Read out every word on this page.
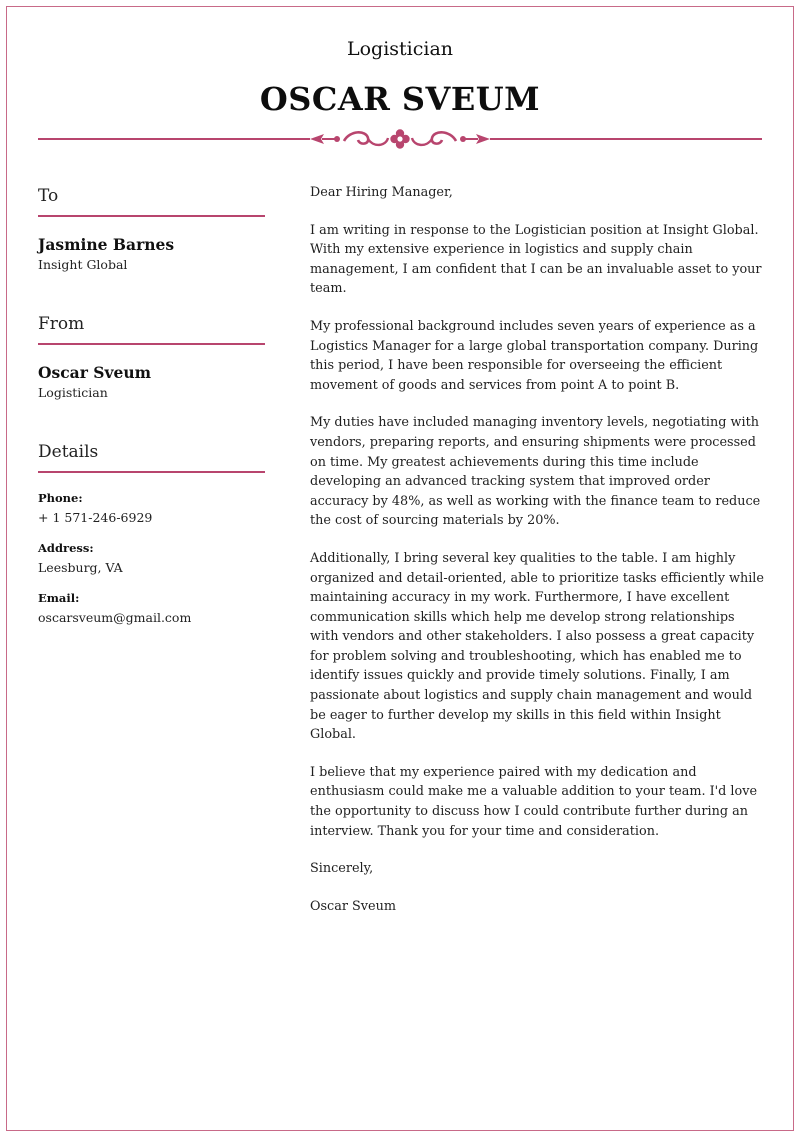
Logistician
OSCAR SVEUM
To
Jasmine Barnes
Insight Global
From
Oscar Sveum
Logistician
Details
Phone:
+ 1 571-246-6929
Address:
Leesburg, VA
Email:
oscarsveum@gmail.com

Dear Hiring Manager,

I am writing in response to the Logistician position at Insight Global. With my extensive experience in logistics and supply chain management, I am confident that I can be an invaluable asset to your team.

My professional background includes seven years of experience as a Logistics Manager for a large global transportation company. During this period, I have been responsible for overseeing the efficient movement of goods and services from point A to point B.

My duties have included managing inventory levels, negotiating with vendors, preparing reports, and ensuring shipments were processed on time. My greatest achievements during this time include developing an advanced tracking system that improved order accuracy by 48%, as well as working with the finance team to reduce the cost of sourcing materials by 20%.

Additionally, I bring several key qualities to the table. I am highly organized and detail-oriented, able to prioritize tasks efficiently while maintaining accuracy in my work. Furthermore, I have excellent communication skills which help me develop strong relationships with vendors and other stakeholders. I also possess a great capacity for problem solving and troubleshooting, which has enabled me to identify issues quickly and provide timely solutions. Finally, I am passionate about logistics and supply chain management and would be eager to further develop my skills in this field within Insight Global.

I believe that my experience paired with my dedication and enthusiasm could make me a valuable addition to your team. I'd love the opportunity to discuss how I could contribute further during an interview. Thank you for your time and consideration.

Sincerely,

Oscar Sveum
